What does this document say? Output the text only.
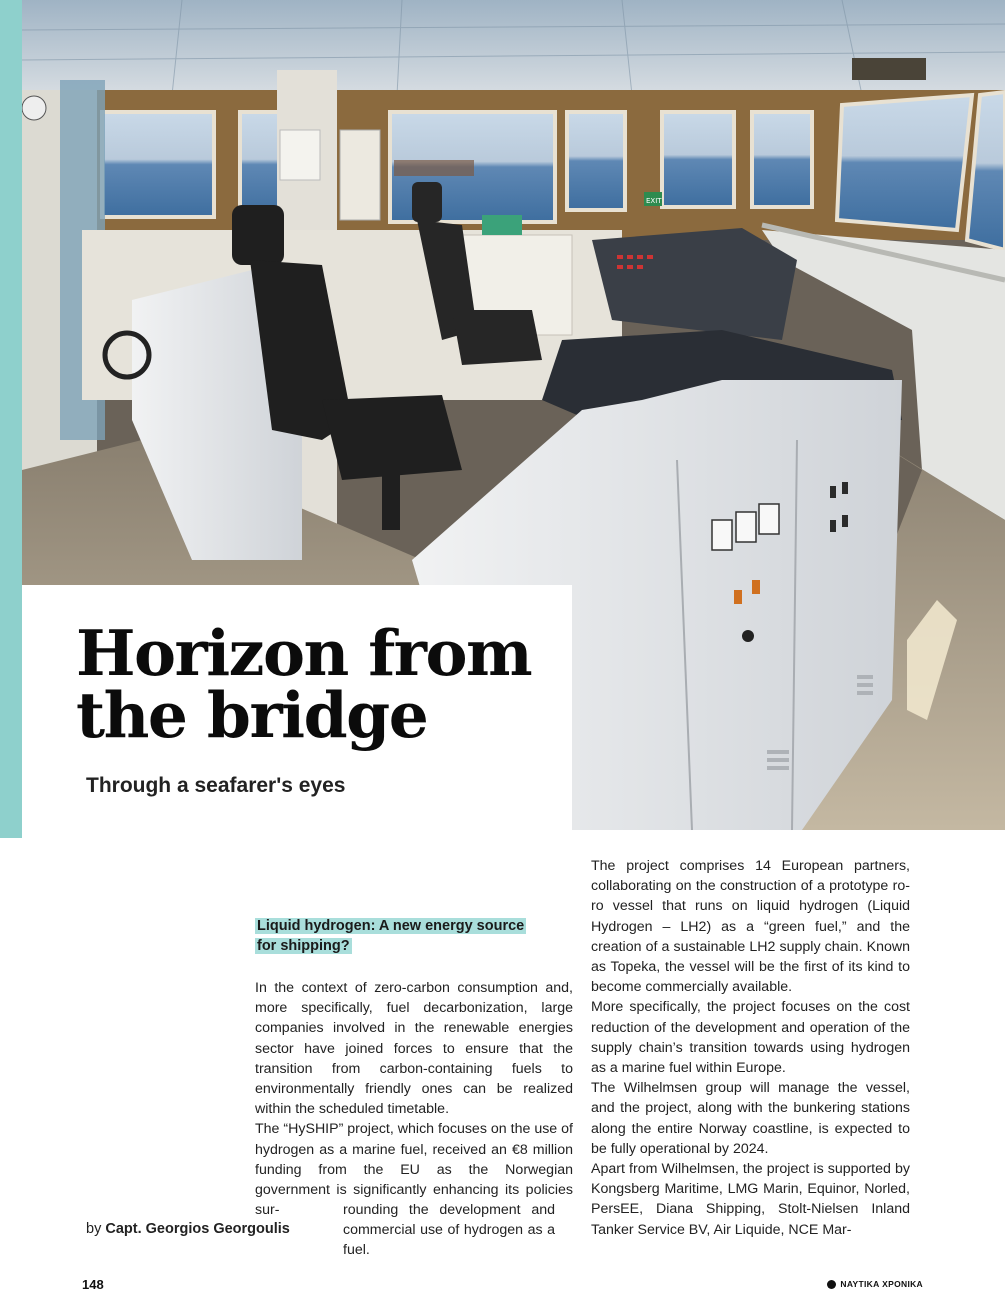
EXIT
Horizon from
the bridge
Through a seafarer's eyes
Liquid hydrogen: A new energy source for shipping?

In the context of zero-carbon consumption and, more specifically, fuel decarbonization, large companies involved in the renewable energies sector have joined forces to ensure that the transition from carbon-containing fuels to environmentally friendly ones can be realized within the scheduled timetable.

The “HySHIP” project, which focuses on the use of hydrogen as a marine fuel, received an €8 million funding from the EU as the Norwegian government is significantly enhancing its policies sur-	rounding the development and commercial use of hydrogen as a fuel.

The project comprises 14 European partners, collaborating on the construction of a prototype ro-ro vessel that runs on liquid hydrogen (Liquid Hydrogen – LH2) as a “green fuel,” and the creation of a sustainable LH2 supply chain. Known as Topeka, the vessel will be the first of its kind to become commercially available.

More specifically, the project focuses on the cost reduction of the development and operation of the supply chain’s transition towards using hydrogen as a marine fuel within Europe.

The Wilhelmsen group will manage the vessel, and the project, along with the bunkering stations along the entire Norway coastline, is expected to be fully operational by 2024.

Apart from Wilhelmsen, the project is supported by Kongsberg Maritime, LMG Marin, Equinor, Norled, PersEE, Diana Shipping, Stolt-Nielsen Inland Tanker Service BV, Air Liquide, NCE Mar-

by Capt. Georgios Georgoulis
148	ΝΑΥΤΙΚΑ ΧΡΟΝΙΚΑ
